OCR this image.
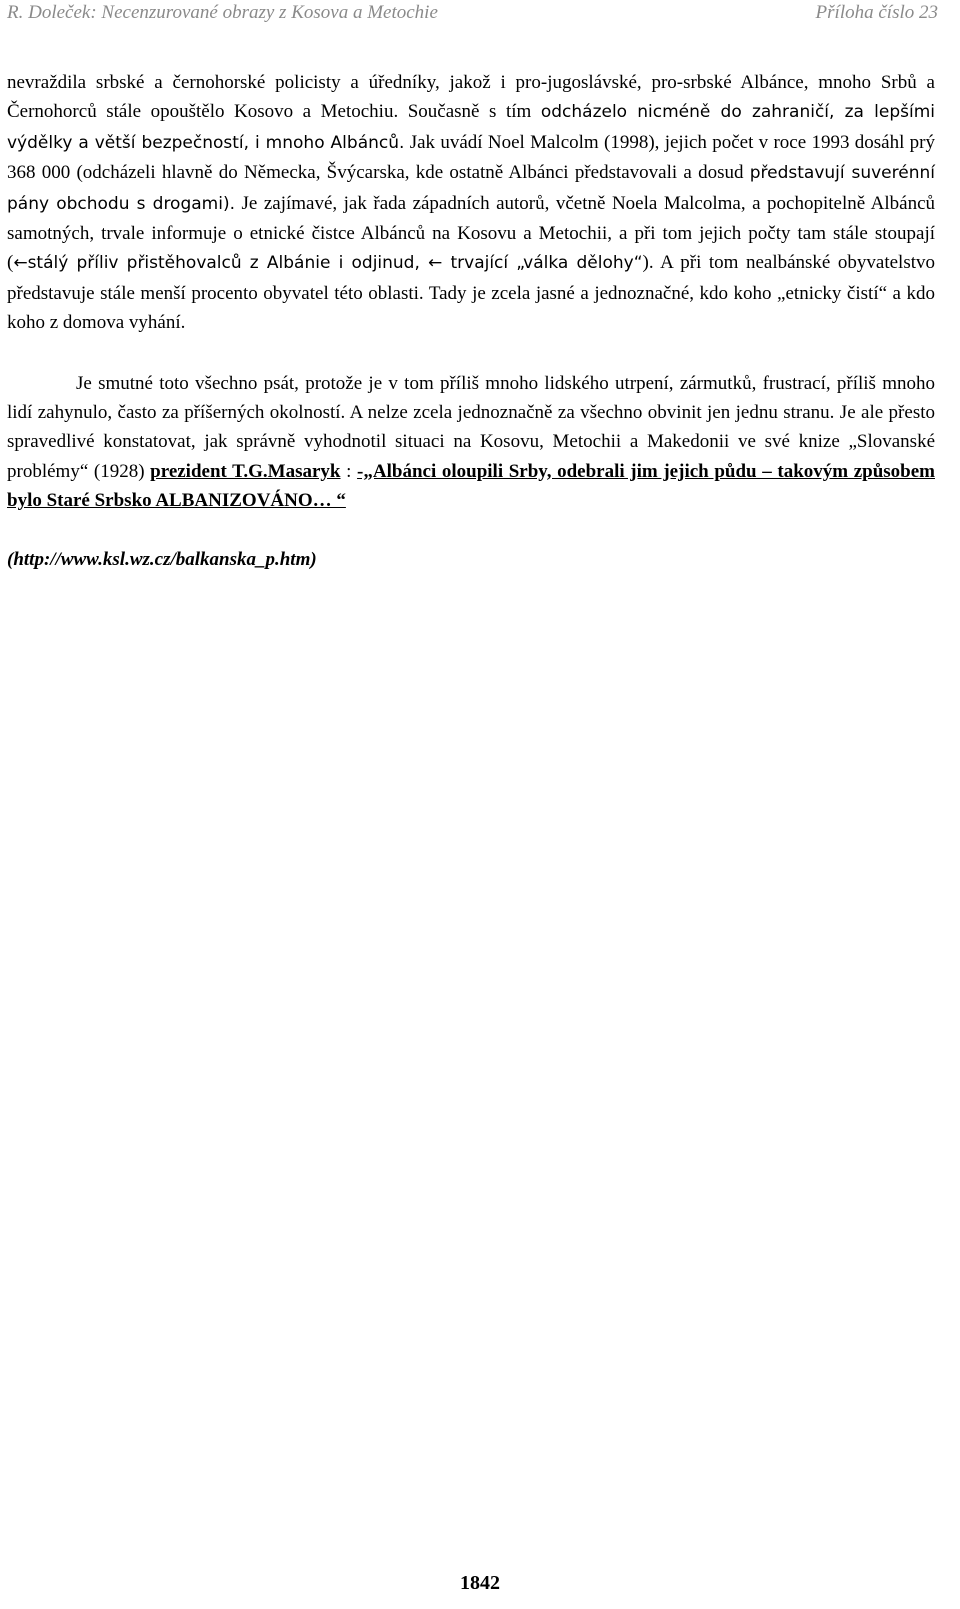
R. Doleček: Necenzurované obrazy z Kosova a Metochie	Příloha číslo 23

nevraždila srbské a černohorské policisty a úředníky, jakož i pro-jugoslávské, pro-srbské Albánce, mnoho Srbů a Černohorců stále opouštělo Kosovo a Metochiu. Současně s tím odcházelo nicméně do zahraničí, za lepšími výdělky a větší bezpečností, i mnoho Albánců. Jak uvádí Noel Malcolm (1998), jejich počet v roce 1993 dosáhl prý 368 000 (odcházeli hlavně do Německa, Švýcarska, kde ostatně Albánci představovali a dosud představují suverénní pány obchodu s drogami). Je zajímavé, jak řada západních autorů, včetně Noela Malcolma, a pochopitelně Albánců samotných, trvale informuje o etnické čistce Albánců na Kosovu a Metochii, a při tom jejich počty tam stále stoupají (←stálý příliv přistěhovalců z Albánie i odjinud, ← trvající „válka dělohy“). A při tom nealbánské obyvatelstvo představuje stále menší procento obyvatel této oblasti. Tady je zcela jasné a jednoznačné, kdo koho „etnicky čistí“ a kdo koho z domova vyhání.

Je smutné toto všechno psát, protože je v tom příliš mnoho lidského utrpení, zármutků, frustrací, příliš mnoho lidí zahynulo, často za příšerných okolností. A nelze zcela jednoznačně za všechno obvinit jen jednu stranu. Je ale přesto spravedlivé konstatovat, jak správně vyhodnotil situaci na Kosovu, Metochii a Makedonii ve své knize „Slovanské problémy“ (1928) prezident T.G.Masaryk : -„Albánci oloupili Srby, odebrali jim jejich půdu – takovým způsobem bylo Staré Srbsko ALBANIZOVÁNO… “

(http://www.ksl.wz.cz/balkanska_p.htm)

1842
